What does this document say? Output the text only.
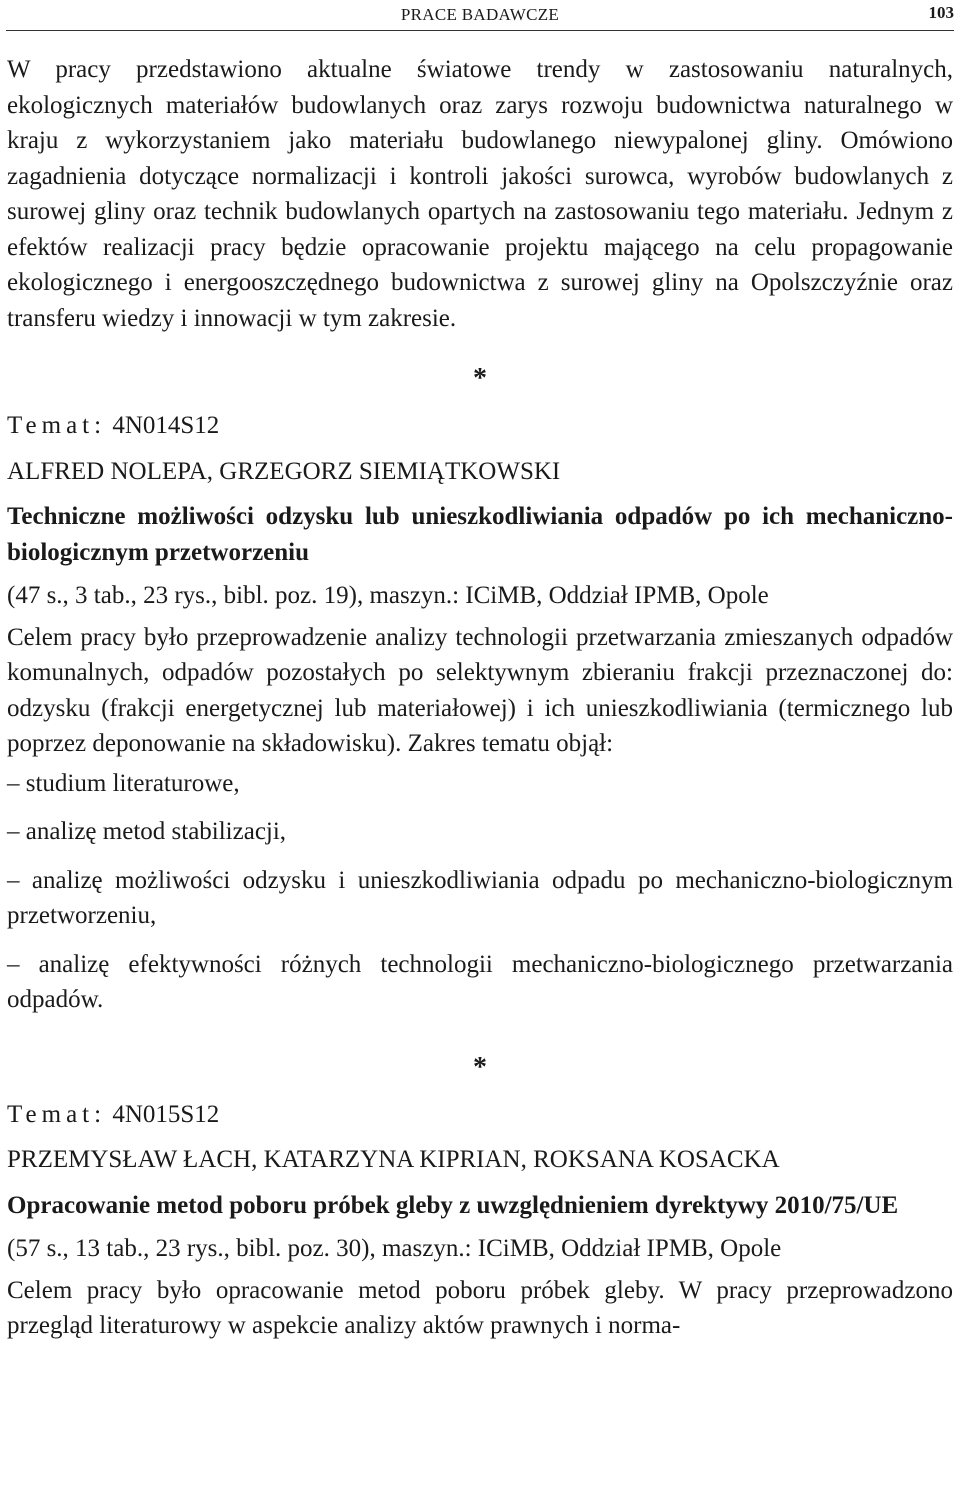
PRACE BADAWCZE	103

W pracy przedstawiono aktualne światowe trendy w zastosowaniu naturalnych, ekologicznych materiałów budowlanych oraz zarys rozwoju budownictwa naturalnego w kraju z wykorzystaniem jako materiału budowlanego niewypalonej gliny. Omówiono zagadnienia dotyczące normalizacji i kontroli jakości surowca, wyrobów budowlanych z surowej gliny oraz technik budowlanych opartych na zastosowaniu tego materiału. Jednym z efektów realizacji pracy będzie opracowanie projektu mającego na celu propagowanie ekologicznego i energooszczędnego budownictwa z surowej gliny na Opolszczyźnie oraz transferu wiedzy i innowacji w tym zakresie.

*
Temat: 4N014S12
ALFRED NOLEPA, GRZEGORZ SIEMIĄTKOWSKI

Techniczne możliwości odzysku lub unieszkodliwiania odpadów po ich mechaniczno-biologicznym przetworzeniu

(47 s., 3 tab., 23 rys., bibl. poz. 19), maszyn.: ICiMB, Oddział IPMB, Opole

Celem pracy było przeprowadzenie analizy technologii przetwarzania zmieszanych odpadów komunalnych, odpadów pozostałych po selektywnym zbieraniu frakcji przeznaczonej do: odzysku (frakcji energetycznej lub materiałowej) i ich unieszkodliwiania (termicznego lub poprzez deponowanie na składowisku). Zakres tematu objął:

– studium literaturowe,
– analizę metod stabilizacji,
– analizę możliwości odzysku i unieszkodliwiania odpadu po mechaniczno-biologicznym przetworzeniu,
– analizę efektywności różnych technologii mechaniczno-biologicznego przetwarzania odpadów.
*
Temat: 4N015S12
PRZEMYSŁAW ŁACH, KATARZYNA KIPRIAN, ROKSANA KOSACKA

Opracowanie metod poboru próbek gleby z uwzględnieniem dyrektywy 2010/75/UE

(57 s., 13 tab., 23 rys., bibl. poz. 30), maszyn.: ICiMB, Oddział IPMB, Opole

Celem pracy było opracowanie metod poboru próbek gleby. W pracy przeprowadzono przegląd literaturowy w aspekcie analizy aktów prawnych i norma-
